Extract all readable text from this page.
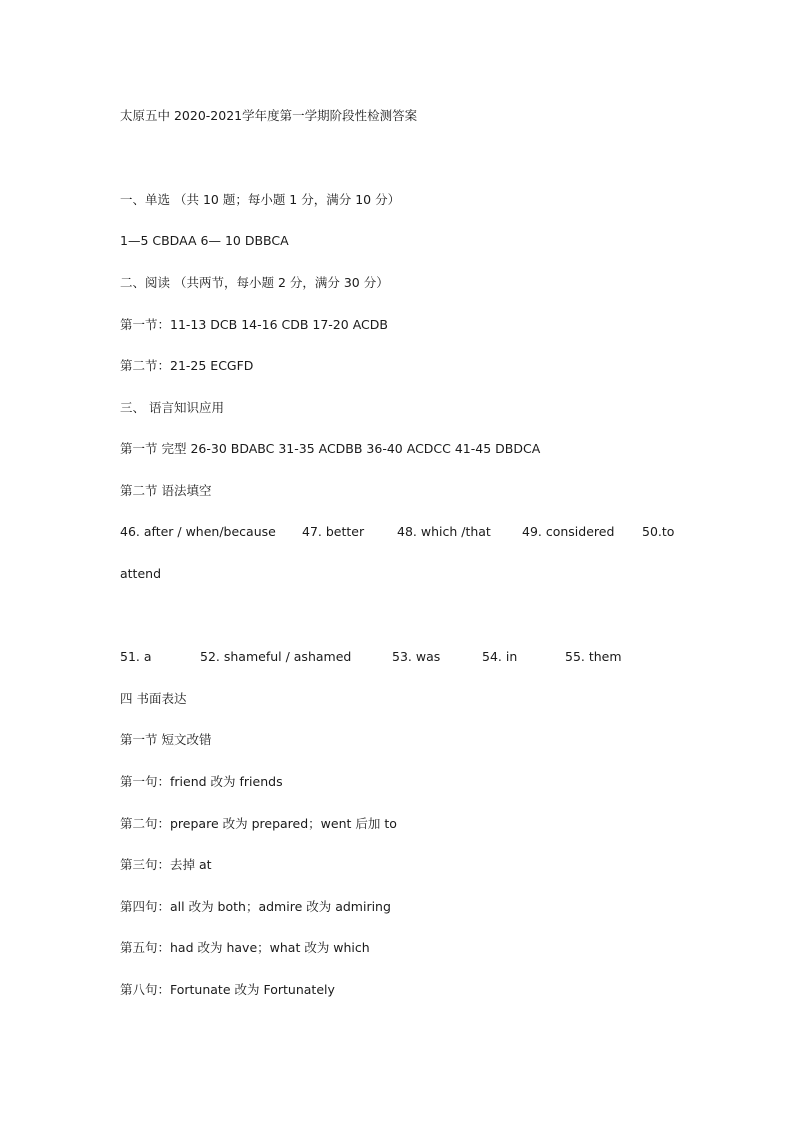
太原五中 2020-2021学年度第一学期阶段性检测答案
一、单选 （共 10 题；每小题 1 分，满分 10 分）
1—5 CBDAA 6— 10 DBBCA
二、阅读 （共两节，每小题 2 分，满分 30 分）
第一节：11-13 DCB 14-16 CDB 17-20 ACDB
第二节：21-25 ECGFD
三、 语言知识应用
第一节 完型 26-30 BDABC 31-35 ACDBB 36-40 ACDCC 41-45 DBDCA
第二节 语法填空
46. after / when/because 47. better	48. which /that 49. considered 50.to
attend
51. a	52. shameful / ashamed	53. was	54. in	55. them
四 书面表达
第一节 短文改错
第一句：friend 改为 friends
第二句：prepare 改为 prepared；went 后加 to
第三句：去掉 at
第四句：all 改为 both；admire 改为 admiring
第五句：had 改为 have；what 改为 which
第八句：Fortunate 改为 Fortunately
